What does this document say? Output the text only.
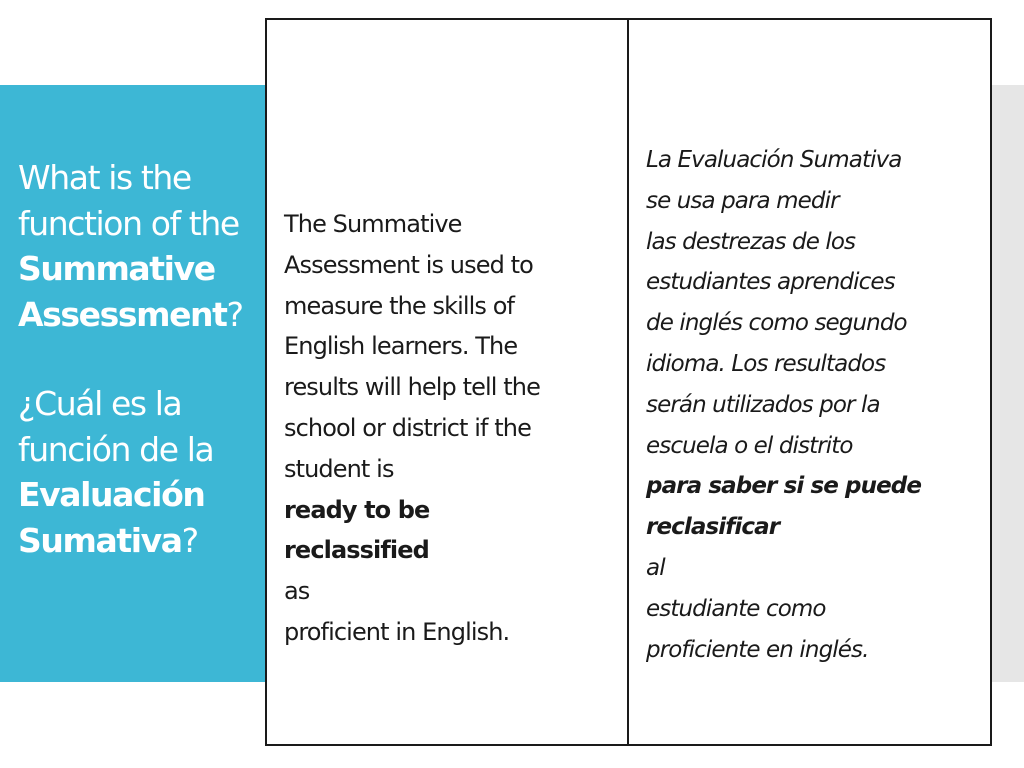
What is the function of the Summative Assessment?

¿Cuál es la función de la Evaluación Sumativa?

The Summative
Assessment is used to
measure the skills of
English learners. The
results will help tell the
school or district if the
student is
ready to be
reclassified
as
proficient in English.

La Evaluación Sumativa
se usa para medir
las destrezas de los
estudiantes aprendices
de inglés como segundo
idioma. Los resultados
serán utilizados por la
escuela o el distrito
para saber si se puede
reclasificar
al
estudiante como
proficiente en inglés.
